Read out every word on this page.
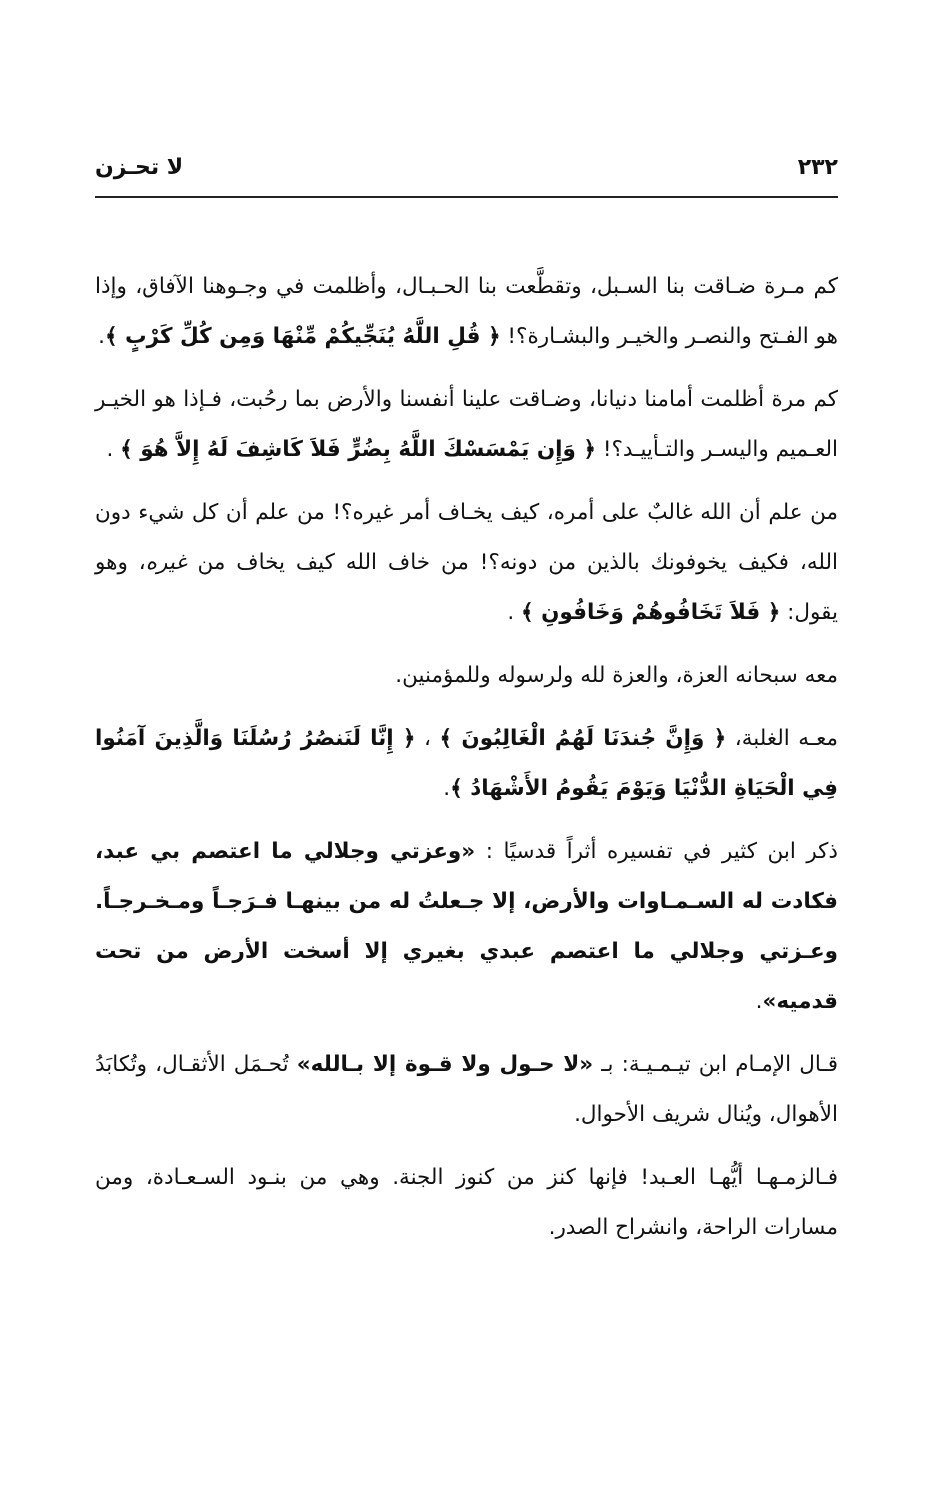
٢٣٢
لا تحـزن

كم مـرة ضـاقت بنا السـبل، وتقطَّعت بنا الحـبـال، وأظلمت في وجـوهنا الآفاق، وإذا هو الفـتح والنصـر والخيـر والبشـارة؟! ﴿ قُلِ اللَّهُ يُنَجِّيكُمْ مِّنْهَا وَمِن كُلِّ كَرْبٍ ﴾.

كم مرة أظلمت أمامنا دنيانا، وضـاقت علينا أنفسنا والأرض بما رحُبت، فـإذا هو الخيـر العـميم واليسـر والتـأييـد؟! ﴿ وَإِن يَمْسَسْكَ اللَّهُ بِضُرٍّ فَلاَ كَاشِفَ لَهُ إِلاَّ هُوَ ﴾ .

من علم أن الله غالبٌ على أمره، كيف يخـاف أمر غيره؟! من علم أن كل شيء دون الله، فكيف يخوفونك بالذين من دونه؟! من خاف الله كيف يخاف من غيره، وهو يقول: ﴿ فَلاَ تَخَافُوهُمْ وَخَافُونِ ﴾ .

معه سبحانه العزة، والعزة لله ولرسوله وللمؤمنين.

معـه الغلبة، ﴿ وَإِنَّ جُندَنَا لَهُمُ الْغَالِبُونَ ﴾ ، ﴿ إِنَّا لَنَنصُرُ رُسُلَنَا وَالَّذِينَ آمَنُوا فِي الْحَيَاةِ الدُّنْيَا وَيَوْمَ يَقُومُ الأَشْهَادُ ﴾.

ذكر ابن كثير في تفسيره أثراً قدسيًا : «وعزتي وجلالي ما اعتصم بي عبد، فكادت له السـمـاوات والأرض، إلا جـعلتُ له من بينهـا فـرَجـاً ومـخـرجـاً. وعـزتي وجلالي ما اعتصم عبدي بغيري إلا أسخت الأرض من تحت قدميه».

قـال الإمـام ابن تيـمـيـة: بـ «لا حـول ولا قـوة إلا بـالله» تُحـمَل الأثقـال، وتُكابَدُ الأهوال، ويُنال شريف الأحوال.

فـالزمـهـا أيُّهـا العـبد! فإنها كنز من كنوز الجنة. وهي من بنـود السـعـادة، ومن مسارات الراحة، وانشراح الصدر.
